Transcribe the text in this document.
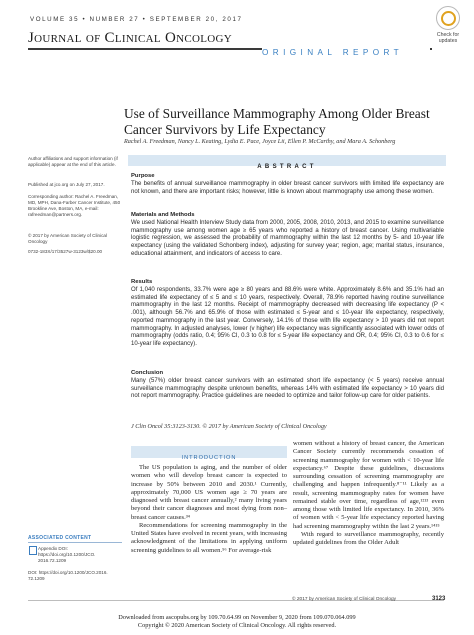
VOLUME 35 • NUMBER 27 • SEPTEMBER 20, 2017
Journal of Clinical Oncology
ORIGINAL REPORT
Check for
updates
Use of Surveillance Mammography Among Older Breast Cancer Survivors by Life Expectancy
Rachel A. Freedman, Nancy L. Keating, Lydia E. Pace, Joyce Lii, Ellen P. McCarthy, and Mara A. Schonberg
Author affiliations and support information (if applicable) appear at the end of this article.
Published at jco.org on July 27, 2017.
Corresponding author: Rachel A. Freedman, MD, MPH, Dana-Farber Cancer Institute, 450 Brookline Ave, Boston, MA, e-mail: rafreedman@partners.org.
© 2017 by American Society of Clinical Oncology
0732-183X/17/3527w-3123w/$20.00
ABSTRACT
Purpose
The benefits of annual surveillance mammography in older breast cancer survivors with limited life expectancy are not known, and there are important risks; however, little is known about mammography use among these women.
Materials and Methods
We used National Health Interview Study data from 2000, 2005, 2008, 2010, 2013, and 2015 to examine surveillance mammography use among women age ≥ 65 years who reported a history of breast cancer. Using multivariable logistic regression, we assessed the probability of mammography within the last 12 months by 5- and 10-year life expectancy (using the validated Schonberg index), adjusting for survey year; region, age; marital status, insurance, educational attainment, and indicators of access to care.
Results
Of 1,040 respondents, 33.7% were age ≥ 80 years and 88.6% were white. Approximately 8.6% and 35.1% had an estimated life expectancy of ≤ 5 and ≤ 10 years, respectively. Overall, 78.9% reported having routine surveillance mammography in the last 12 months. Receipt of mammography decreased with decreasing life expectancy (P < .001), although 56.7% and 65.9% of those with estimated ≤ 5-year and ≤ 10-year life expectancy, respectively, reported mammography in the last year. Conversely, 14.1% of those with life expectancy > 10 years did not report mammography. In adjusted analyses, lower (v higher) life expectancy was significantly associated with lower odds of mammography (odds ratio, 0.4; 95% CI, 0.3 to 0.8 for ≤ 5-year life expectancy and OR, 0.4; 95% CI, 0.3 to 0.6 for ≤ 10-year life expectancy).
Conclusion
Many (57%) older breast cancer survivors with an estimated short life expectancy (< 5 years) receive annual surveillance mammography despite unknown benefits, whereas 14% with estimated life expectancy > 10 years did not report mammography. Practice guidelines are needed to optimize and tailor follow-up care for older patients.
J Clin Oncol 35:3123-3130. © 2017 by American Society of Clinical Oncology
INTRODUCTION

The US population is aging, and the number of older women who will develop breast cancer is expected to increase by 50% between 2010 and 2030.¹ Currently, approximately 70,000 US women age ≥ 70 years are diagnosed with breast cancer annually,² many living years beyond their cancer diagnoses and most dying from non–breast cancer causes.³⁴

Recommendations for screening mammography in the United States have evolved in recent years, with increasing acknowledgment of the limitations in applying uniform screening guidelines to all women.⁵⁶ For average-risk

women without a history of breast cancer, the American Cancer Society currently recommends cessation of screening mammography for women with < 10-year life expectancy.⁶⁷ Despite these guidelines, discussions surrounding cessation of screening mammography are challenging and happen infrequently.⁸⁻¹¹ Likely as a result, screening mammography rates for women have remained stable over time, regardless of age,¹²¹³ even among those with limited life expectancy. In 2010, 36% of women with < 5-year life expectancy reported having had screening mammography within the last 2 years.¹⁴¹⁵

With regard to surveillance mammography, recently updated guidelines from the Older Adult

ASSOCIATED CONTENT
Appendix DOI: https://doi.org/10.1200/JCO. 2016.72.1209
DOI: https://doi.org/10.1200/JCO.2016. 72.1209
© 2017 by American Society of Clinical Oncology	3123
Downloaded from ascopubs.org by 109.70.64.99 on November 9, 2020 from 109.070.064.099
Copyright © 2020 American Society of Clinical Oncology. All rights reserved.
